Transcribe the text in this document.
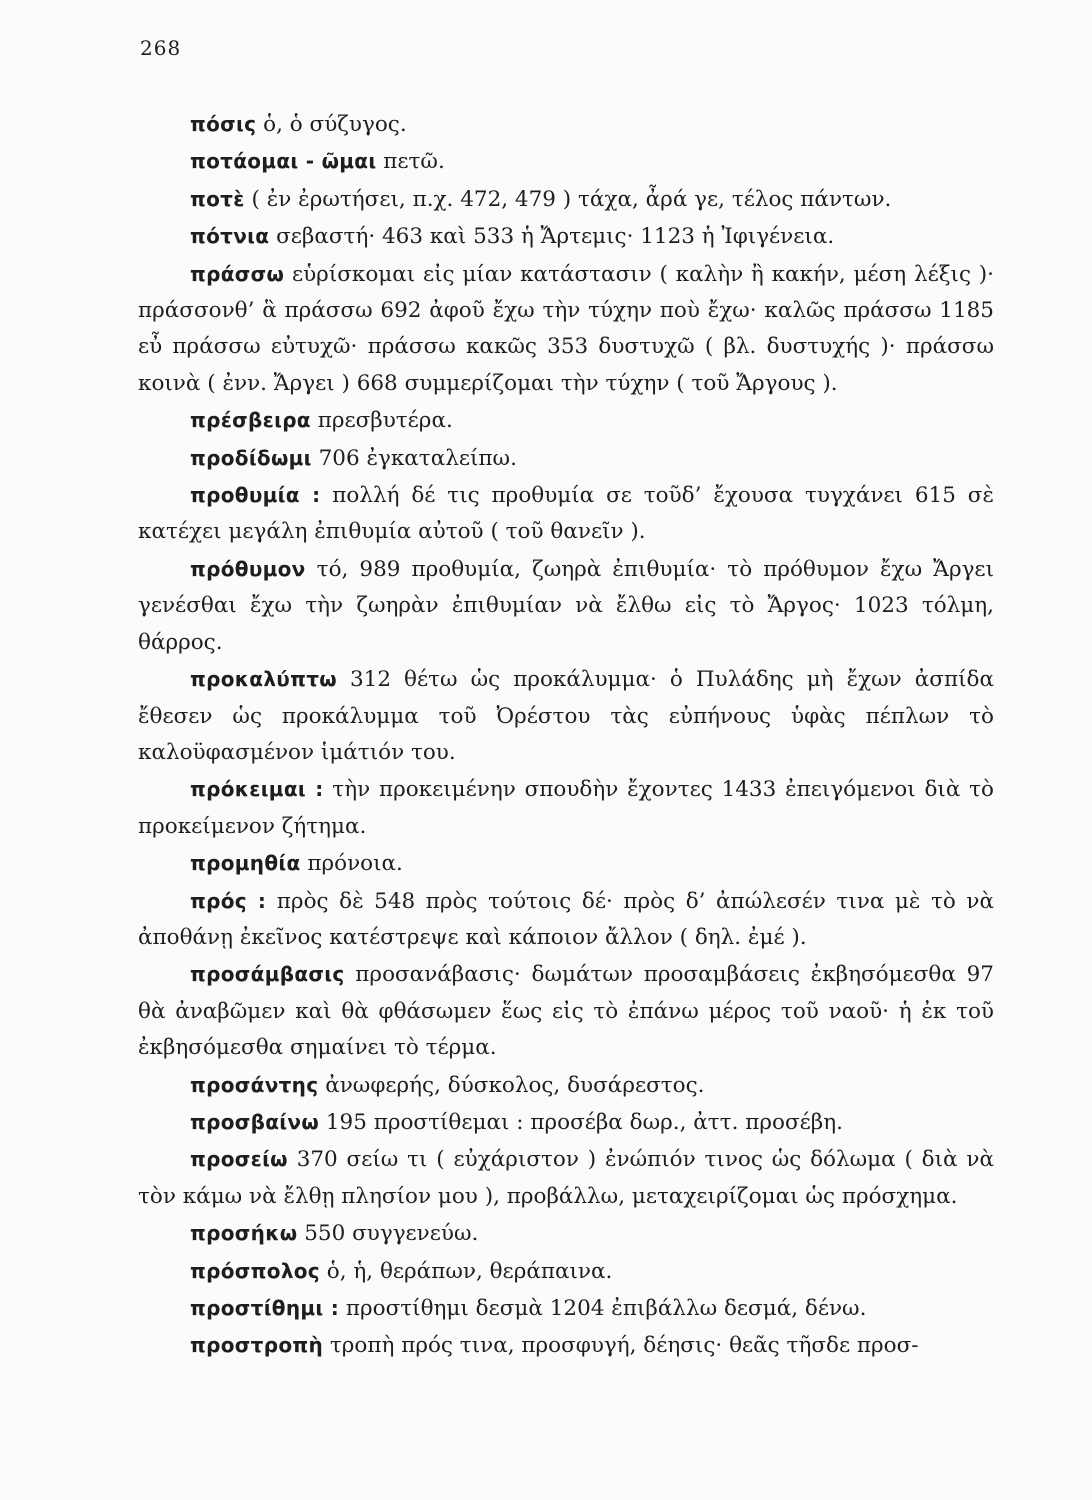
268

πόσις ὁ, ὁ σύζυγος.

ποτάομαι - ῶμαι πετῶ.

ποτὲ ( ἐν ἐρωτήσει, π.χ. 472, 479 ) τάχα, ἆρά γε, τέλος πάντων.

πότνια σεβαστή· 463 καὶ 533 ἡ Ἄρτεμις· 1123 ἡ Ἰφιγένεια.

πράσσω εὑρίσκομαι εἰς μίαν κατάστασιν ( καλὴν ἢ κακήν, μέση λέξις )· πράσσονθ’ ἃ πράσσω 692 ἀφοῦ ἔχω τὴν τύχην ποὺ ἔχω· καλῶς πράσσω 1185 εὖ πράσσω εὐτυχῶ· πράσσω κακῶς 353 δυστυχῶ ( βλ. δυστυχής )· πράσσω κοινὰ ( ἐνν. Ἄργει ) 668 συμμερίζομαι τὴν τύχην ( τοῦ Ἄργους ).

πρέσβειρα πρεσβυτέρα.

προδίδωμι 706 ἐγκαταλείπω.

προθυμία : πολλή δέ τις προθυμία σε τοῦδ’ ἔχουσα τυγχάνει 615 σὲ κατέχει μεγάλη ἐπιθυμία αὐτοῦ ( τοῦ θανεῖν ).

πρόθυμον τό, 989 προθυμία, ζωηρὰ ἐπιθυμία· τὸ πρόθυμον ἔχω Ἄργει γενέσθαι ἔχω τὴν ζωηρὰν ἐπιθυμίαν νὰ ἔλθω εἰς τὸ Ἄργος· 1023 τόλμη, θάρρος.

προκαλύπτω 312 θέτω ὡς προκάλυμμα· ὁ Πυλάδης μὴ ἔχων ἀσπίδα ἔθεσεν ὡς προκάλυμμα τοῦ Ὀρέστου τὰς εὐπήνους ὑφὰς πέπλων τὸ καλοϋφασμένον ἱμάτιόν του.

πρόκειμαι : τὴν προκειμένην σπουδὴν ἔχοντες 1433 ἐπειγόμενοι διὰ τὸ προκείμενον ζήτημα.

προμηθία πρόνοια.

πρός : πρὸς δὲ 548 πρὸς τούτοις δέ· πρὸς δ’ ἀπώλεσέν τινα μὲ τὸ νὰ ἀποθάνῃ ἐκεῖνος κατέστρεψε καὶ κάποιον ἄλλον ( δηλ. ἐμέ ).

προσάμβασις προσανάβασις· δωμάτων προσαμβάσεις ἐκβησόμεσθα 97 θὰ ἀναβῶμεν καὶ θὰ φθάσωμεν ἕως εἰς τὸ ἐπάνω μέρος τοῦ ναοῦ· ἡ ἐκ τοῦ ἐκβησόμεσθα σημαίνει τὸ τέρμα.

προσάντης ἀνωφερής, δύσκολος, δυσάρεστος.

προσβαίνω 195 προστίθεμαι : προσέβα δωρ., ἀττ. προσέβη.

προσείω 370 σείω τι ( εὐχάριστον ) ἐνώπιόν τινος ὡς δόλωμα ( διὰ νὰ τὸν κάμω νὰ ἔλθῃ πλησίον μου ), προβάλλω, μεταχειρίζομαι ὡς πρόσχημα.

προσήκω 550 συγγενεύω.

πρόσπολος ὁ, ἡ, θεράπων, θεράπαινα.

προστίθημι : προστίθημι δεσμὰ 1204 ἐπιβάλλω δεσμά, δένω.

προστροπὴ τροπὴ πρός τινα, προσφυγή, δέησις· θεᾶς τῆσδε προσ-
